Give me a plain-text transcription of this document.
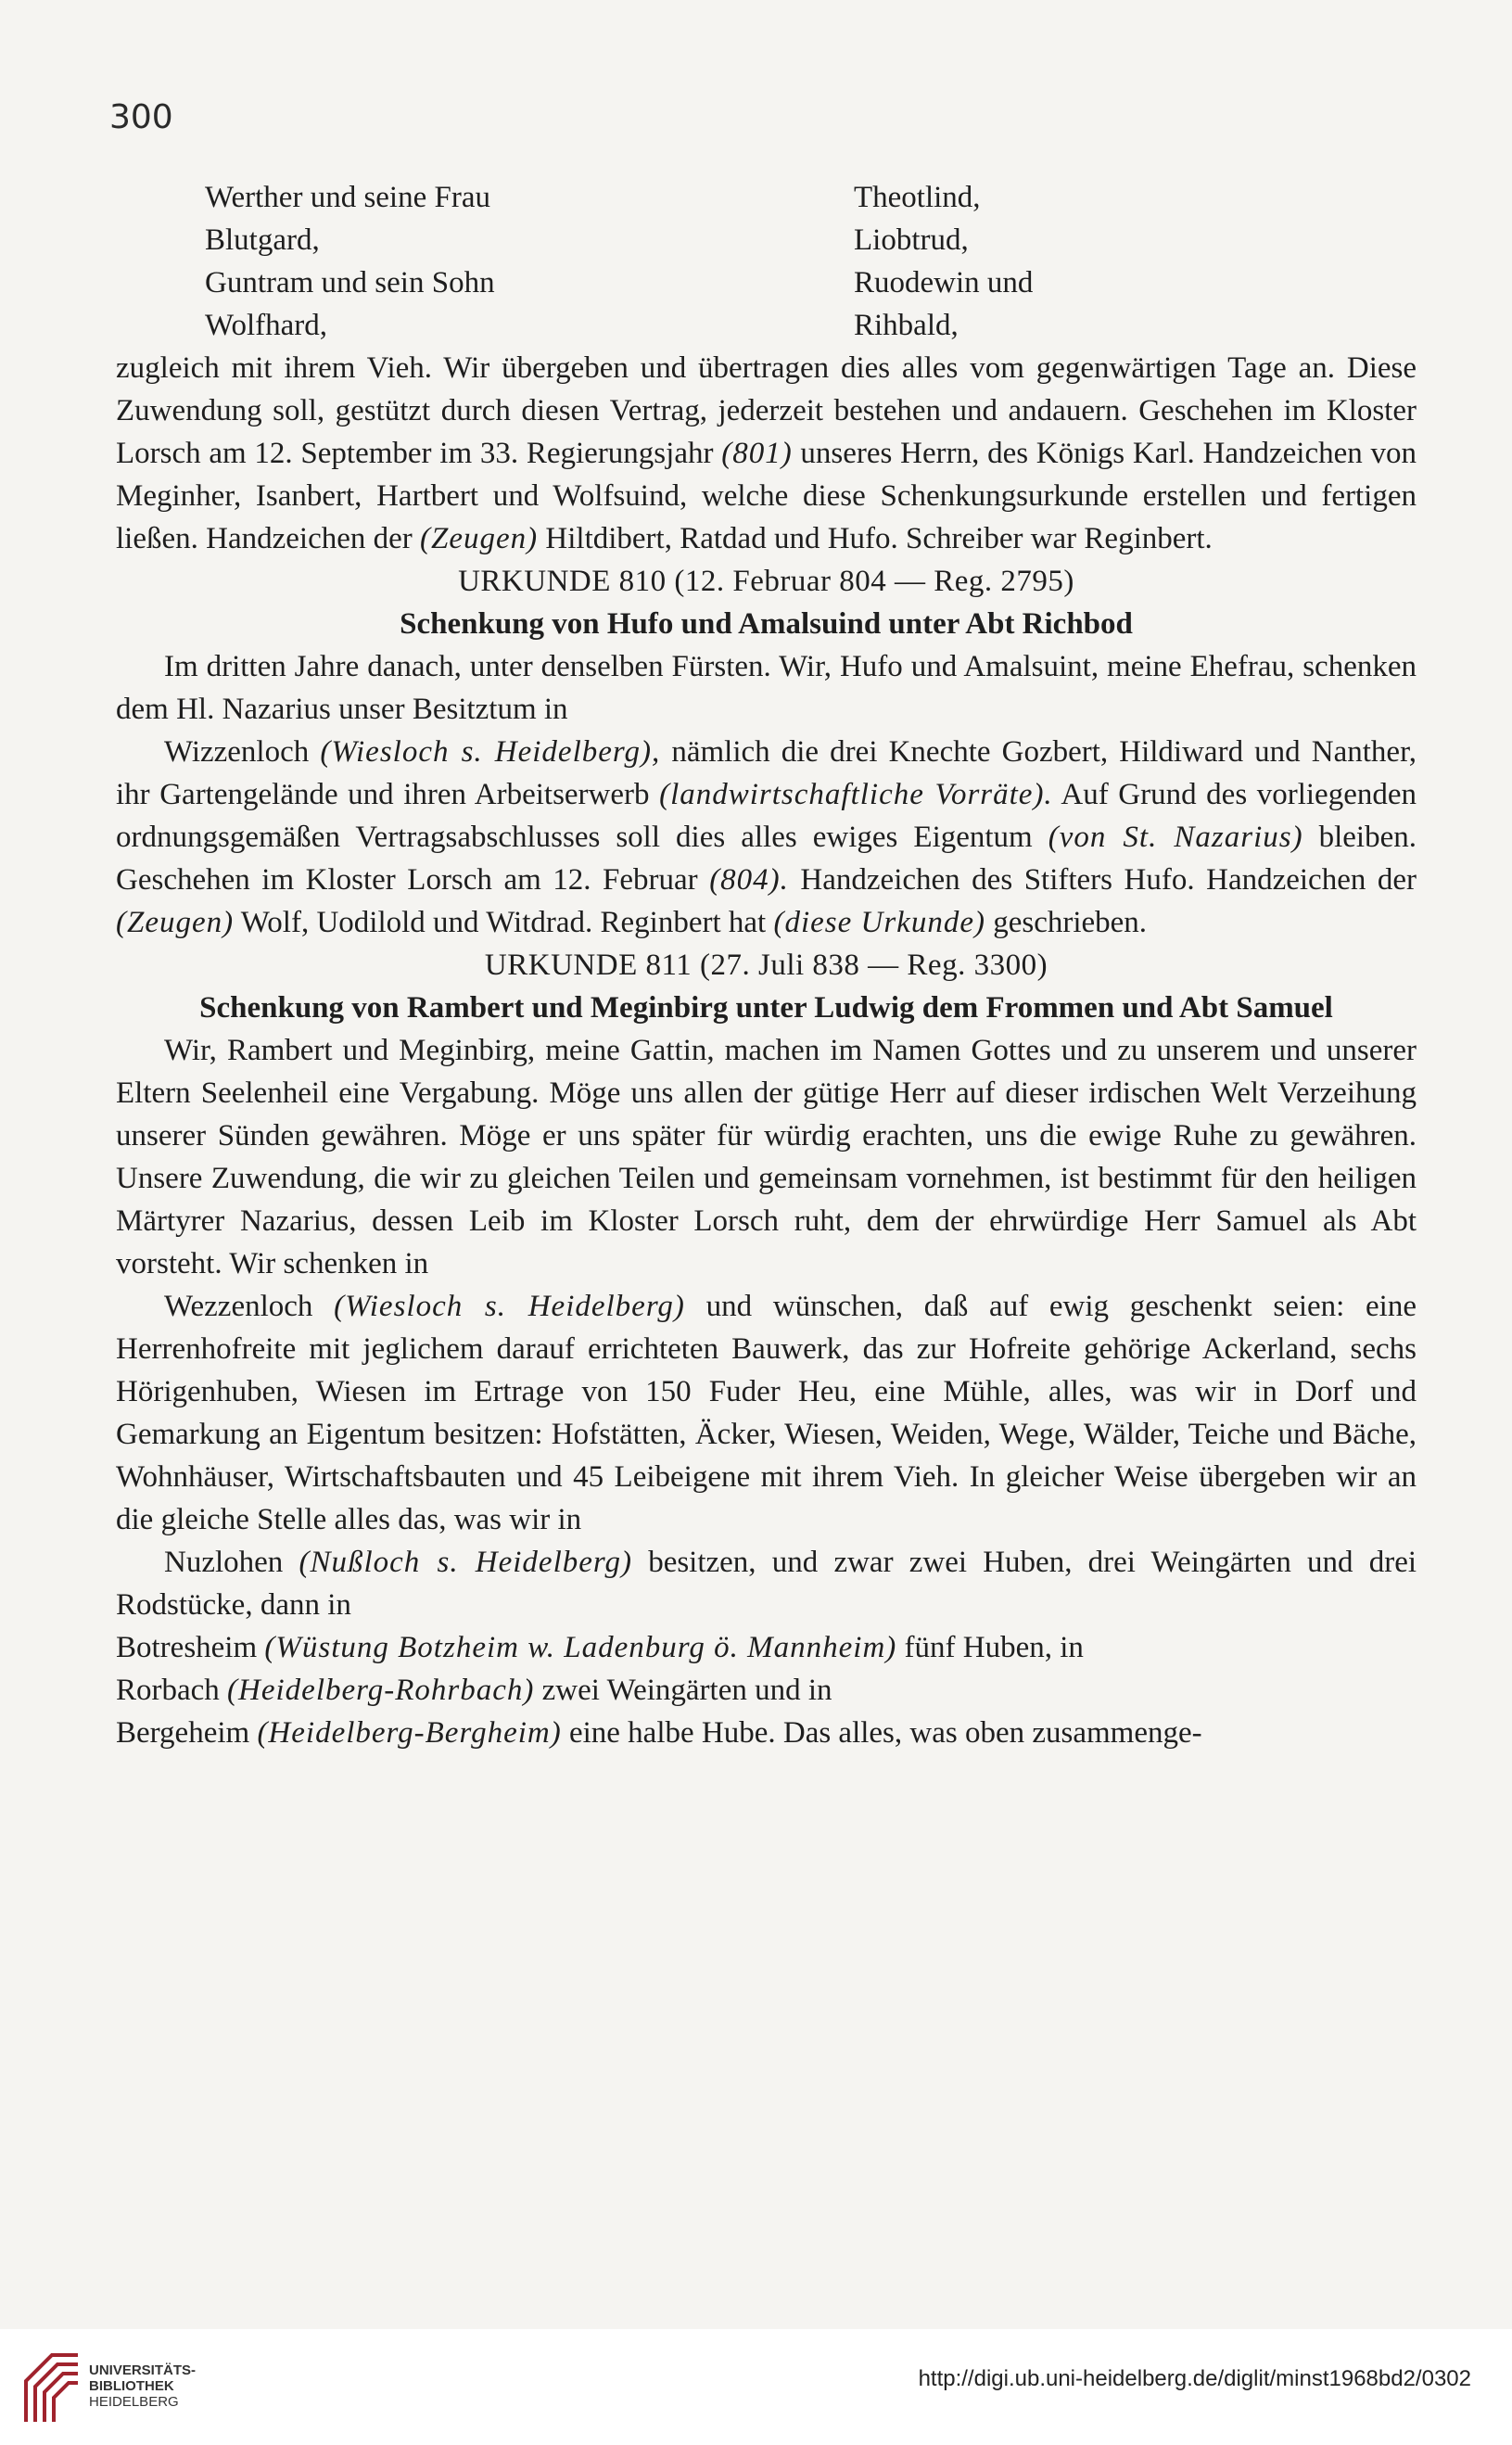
300
Werther und seine Frau	Theotlind,
Blutgard,	Liobtrud,
Guntram und sein Sohn	Ruodewin und
Wolfhard,	Rihbald,

zugleich mit ihrem Vieh. Wir übergeben und übertragen dies alles vom gegenwärtigen Tage an. Diese Zuwendung soll, gestützt durch diesen Vertrag, jederzeit bestehen und andauern. Geschehen im Kloster Lorsch am 12. September im 33. Regierungsjahr (801) unseres Herrn, des Königs Karl. Handzeichen von Meginher, Isanbert, Hartbert und Wolfsuind, welche diese Schenkungsurkunde erstellen und fertigen ließen. Handzeichen der (Zeugen) Hiltdibert, Ratdad und Hufo. Schreiber war Reginbert.

URKUNDE 810 (12. Februar 804 — Reg. 2795)

Schenkung von Hufo und Amalsuind unter Abt Richbod

Im dritten Jahre danach, unter denselben Fürsten. Wir, Hufo und Amalsuint, meine Ehefrau, schenken dem Hl. Nazarius unser Besitztum in

Wizzenloch (Wiesloch s. Heidelberg), nämlich die drei Knechte Gozbert, Hildiward und Nanther, ihr Gartengelände und ihren Arbeitserwerb (landwirtschaftliche Vorräte). Auf Grund des vorliegenden ordnungsgemäßen Vertragsabschlusses soll dies alles ewiges Eigentum (von St. Nazarius) bleiben. Geschehen im Kloster Lorsch am 12. Februar (804). Handzeichen des Stifters Hufo. Handzeichen der (Zeugen) Wolf, Uodilold und Witdrad. Reginbert hat (diese Urkunde) geschrieben.

URKUNDE 811 (27. Juli 838 — Reg. 3300)

Schenkung von Rambert und Meginbirg unter Ludwig dem Frommen und Abt Samuel

Wir, Rambert und Meginbirg, meine Gattin, machen im Namen Gottes und zu unserem und unserer Eltern Seelenheil eine Vergabung. Möge uns allen der gütige Herr auf dieser irdischen Welt Verzeihung unserer Sünden gewähren. Möge er uns später für würdig erachten, uns die ewige Ruhe zu gewähren. Unsere Zuwendung, die wir zu gleichen Teilen und gemeinsam vornehmen, ist bestimmt für den heiligen Märtyrer Nazarius, dessen Leib im Kloster Lorsch ruht, dem der ehrwürdige Herr Samuel als Abt vorsteht. Wir schenken in

Wezzenloch (Wiesloch s. Heidelberg) und wünschen, daß auf ewig geschenkt seien: eine Herrenhofreite mit jeglichem darauf errichteten Bauwerk, das zur Hofreite gehörige Ackerland, sechs Hörigenhuben, Wiesen im Ertrage von 150 Fuder Heu, eine Mühle, alles, was wir in Dorf und Gemarkung an Eigentum besitzen: Hofstätten, Äcker, Wiesen, Weiden, Wege, Wälder, Teiche und Bäche, Wohnhäuser, Wirtschaftsbauten und 45 Leibeigene mit ihrem Vieh. In gleicher Weise übergeben wir an die gleiche Stelle alles das, was wir in

Nuzlohen (Nußloch s. Heidelberg) besitzen, und zwar zwei Huben, drei Weingärten und drei Rodstücke, dann in

Botresheim (Wüstung Botzheim w. Ladenburg ö. Mannheim) fünf Huben, in

Rorbach (Heidelberg-Rohrbach) zwei Weingärten und in

Bergeheim (Heidelberg-Bergheim) eine halbe Hube. Das alles, was oben zusammenge-

UNIVERSITÄTS-
BIBLIOTHEK
HEIDELBERG
http://digi.ub.uni-heidelberg.de/diglit/minst1968bd2/0302
